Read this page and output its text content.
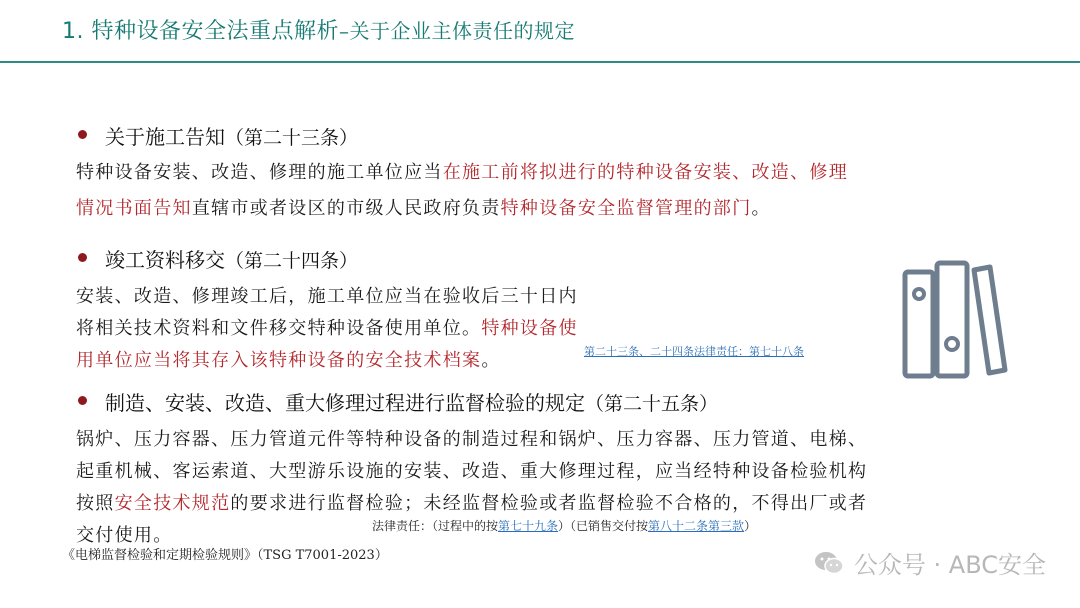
1. 特种设备安全法重点解析–关于企业主体责任的规定
关于施工告知（第二十三条）
特种设备安装、改造、修理的施工单位应当在施工前将拟进行的特种设备安装、改造、修理
情况书面告知直辖市或者设区的市级人民政府负责特种设备安全监督管理的部门。
竣工资料移交（第二十四条）
安装、改造、修理竣工后，施工单位应当在验收后三十日内
将相关技术资料和文件移交特种设备使用单位。特种设备使
用单位应当将其存入该特种设备的安全技术档案。	第二十三条、二十四条法律责任：第七十八条
制造、安装、改造、重大修理过程进行监督检验的规定（第二十五条）
锅炉、压力容器、压力管道元件等特种设备的制造过程和锅炉、压力容器、压力管道、电梯、
起重机械、客运索道、大型游乐设施的安装、改造、重大修理过程，应当经特种设备检验机构
按照安全技术规范的要求进行监督检验；未经监督检验或者监督检验不合格的，不得出厂或者
交付使用。	法律责任：（过程中的按第七十九条）（已销售交付按第八十二条第三款）
《电梯监督检验和定期检验规则》（TSG T7001-2023）	公众号 · ABC安全
